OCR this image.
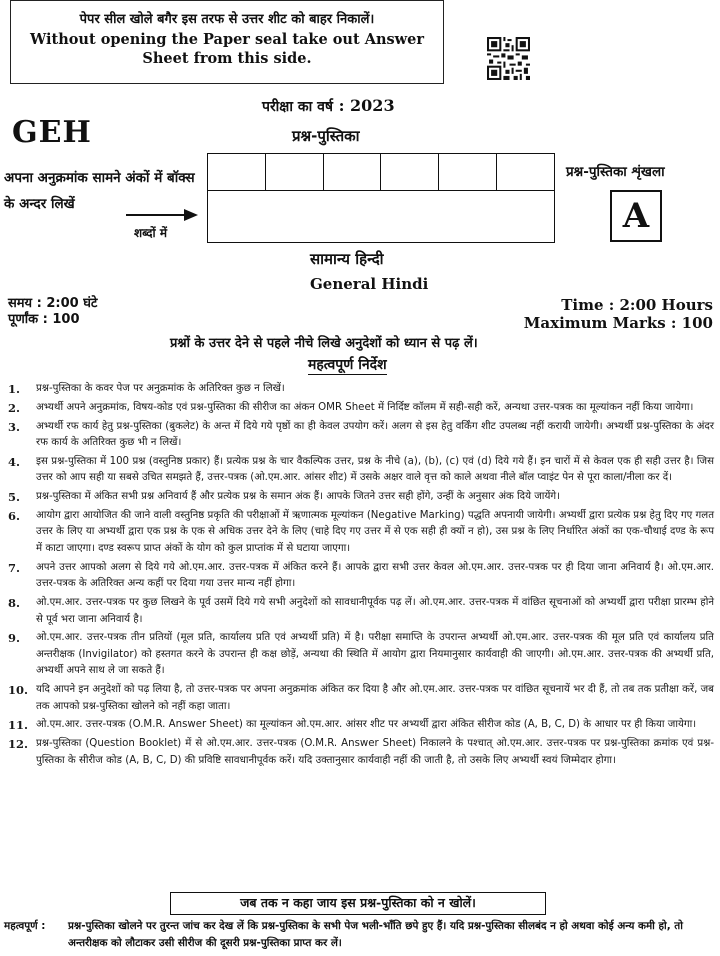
पेपर सील खोले बगैर इस तरफ से उत्तर शीट को बाहर निकालें।
Without opening the Paper seal take out Answer Sheet from this side.
परीक्षा का वर्ष : 2023
GEH	प्रश्न-पुस्तिका
अपना अनुक्रमांक सामने अंकों में बॉक्स के अन्दर लिखें
शब्दों में
प्रश्न-पुस्तिका शृंखला
A
सामान्य हिन्दी
General Hindi
समय : 2:00 घंटे
पूर्णांक : 100
Time : 2:00 Hours
Maximum Marks : 100
प्रश्नों के उत्तर देने से पहले नीचे लिखे अनुदेशों को ध्यान से पढ़ लें।
महत्वपूर्ण निर्देश
1.	प्रश्न-पुस्तिका के कवर पेज पर अनुक्रमांक के अतिरिक्त कुछ न लिखें।
2.	अभ्यर्थी अपने अनुक्रमांक, विषय-कोड एवं प्रश्न-पुस्तिका की सीरीज का अंकन OMR Sheet में निर्दिष्ट कॉलम में सही-सही करें, अन्यथा उत्तर-पत्रक का मूल्यांकन नहीं किया जायेगा।
3.	अभ्यर्थी रफ कार्य हेतु प्रश्न-पुस्तिका (बुकलेट) के अन्त में दिये गये पृष्ठों का ही केवल उपयोग करें। अलग से इस हेतु वर्किंग शीट उपलब्ध नहीं करायी जायेगी। अभ्यर्थी प्रश्न-पुस्तिका के अंदर रफ कार्य के अतिरिक्त कुछ भी न लिखें।
4.	इस प्रश्न-पुस्तिका में 100 प्रश्न (वस्तुनिष्ठ प्रकार) हैं। प्रत्येक प्रश्न के चार वैकल्पिक उत्तर, प्रश्न के नीचे (a), (b), (c) एवं (d) दिये गये हैं। इन चारों में से केवल एक ही सही उत्तर है। जिस उत्तर को आप सही या सबसे उचित समझते हैं, उत्तर-पत्रक (ओ.एम.आर. आंसर शीट) में उसके अक्षर वाले वृत्त को काले अथवा नीले बॉल प्वाइंट पेन से पूरा काला/नीला कर दें।
5.	प्रश्न-पुस्तिका में अंकित सभी प्रश्न अनिवार्य हैं और प्रत्येक प्रश्न के समान अंक हैं। आपके जितने उत्तर सही होंगे, उन्हीं के अनुसार अंक दिये जायेंगे।
6.	आयोग द्वारा आयोजित की जाने वाली वस्तुनिष्ठ प्रकृति की परीक्षाओं में ऋणात्मक मूल्यांकन (Negative Marking) पद्धति अपनायी जायेगी। अभ्यर्थी द्वारा प्रत्येक प्रश्न हेतु दिए गए गलत उत्तर के लिए या अभ्यर्थी द्वारा एक प्रश्न के एक से अधिक उत्तर देने के लिए (चाहे दिए गए उत्तर में से एक सही ही क्यों न हो), उस प्रश्न के लिए निर्धारित अंकों का एक-चौथाई दण्ड के रूप में काटा जाएगा। दण्ड स्वरूप प्राप्त अंकों के योग को कुल प्राप्तांक में से घटाया जाएगा।
7.	अपने उत्तर आपको अलग से दिये गये ओ.एम.आर. उत्तर-पत्रक में अंकित करने हैं। आपके द्वारा सभी उत्तर केवल ओ.एम.आर. उत्तर-पत्रक पर ही दिया जाना अनिवार्य है। ओ.एम.आर. उत्तर-पत्रक के अतिरिक्त अन्य कहीं पर दिया गया उत्तर मान्य नहीं होगा।
8.	ओ.एम.आर. उत्तर-पत्रक पर कुछ लिखने के पूर्व उसमें दिये गये सभी अनुदेशों को सावधानीपूर्वक पढ़ लें। ओ.एम.आर. उत्तर-पत्रक में वांछित सूचनाओं को अभ्यर्थी द्वारा परीक्षा प्रारम्भ होने से पूर्व भरा जाना अनिवार्य है।
9.	ओ.एम.आर. उत्तर-पत्रक तीन प्रतियों (मूल प्रति, कार्यालय प्रति एवं अभ्यर्थी प्रति) में है। परीक्षा समाप्ति के उपरान्त अभ्यर्थी ओ.एम.आर. उत्तर-पत्रक की मूल प्रति एवं कार्यालय प्रति अन्तरीक्षक (Invigilator) को हस्तगत करने के उपरान्त ही कक्ष छोड़ें, अन्यथा की स्थिति में आयोग द्वारा नियमानुसार कार्यवाही की जाएगी। ओ.एम.आर. उत्तर-पत्रक की अभ्यर्थी प्रति, अभ्यर्थी अपने साथ ले जा सकते हैं।
10. यदि आपने इन अनुदेशों को पढ़ लिया है, तो उत्तर-पत्रक पर अपना अनुक्रमांक अंकित कर दिया है और ओ.एम.आर. उत्तर-पत्रक पर वांछित सूचनायें भर दी हैं, तो तब तक प्रतीक्षा करें, जब तक आपको प्रश्न-पुस्तिका खोलने को नहीं कहा जाता।
11. ओ.एम.आर. उत्तर-पत्रक (O.M.R. Answer Sheet) का मूल्यांकन ओ.एम.आर. आंसर शीट पर अभ्यर्थी द्वारा अंकित सीरीज कोड (A, B, C, D) के आधार पर ही किया जायेगा।
12. प्रश्न-पुस्तिका (Question Booklet) में से ओ.एम.आर. उत्तर-पत्रक (O.M.R. Answer Sheet) निकालने के पश्चात् ओ.एम.आर. उत्तर-पत्रक पर प्रश्न-पुस्तिका क्रमांक एवं प्रश्न-पुस्तिका के सीरीज कोड (A, B, C, D) की प्रविष्टि सावधानीपूर्वक करें। यदि उक्तानुसार कार्यवाही नहीं की जाती है, तो उसके लिए अभ्यर्थी स्वयं जिम्मेदार होगा।
जब तक न कहा जाय इस प्रश्न-पुस्तिका को न खोलें।
महत्वपूर्ण :	प्रश्न-पुस्तिका खोलने पर तुरन्त जांच कर देख लें कि प्रश्न-पुस्तिका के सभी पेज भली-भाँति छपे हुए हैं। यदि प्रश्न-पुस्तिका सीलबंद न हो अथवा कोई अन्य कमी हो, तो अन्तरीक्षक को लौटाकर उसी सीरीज की दूसरी प्रश्न-पुस्तिका प्राप्त कर लें।
